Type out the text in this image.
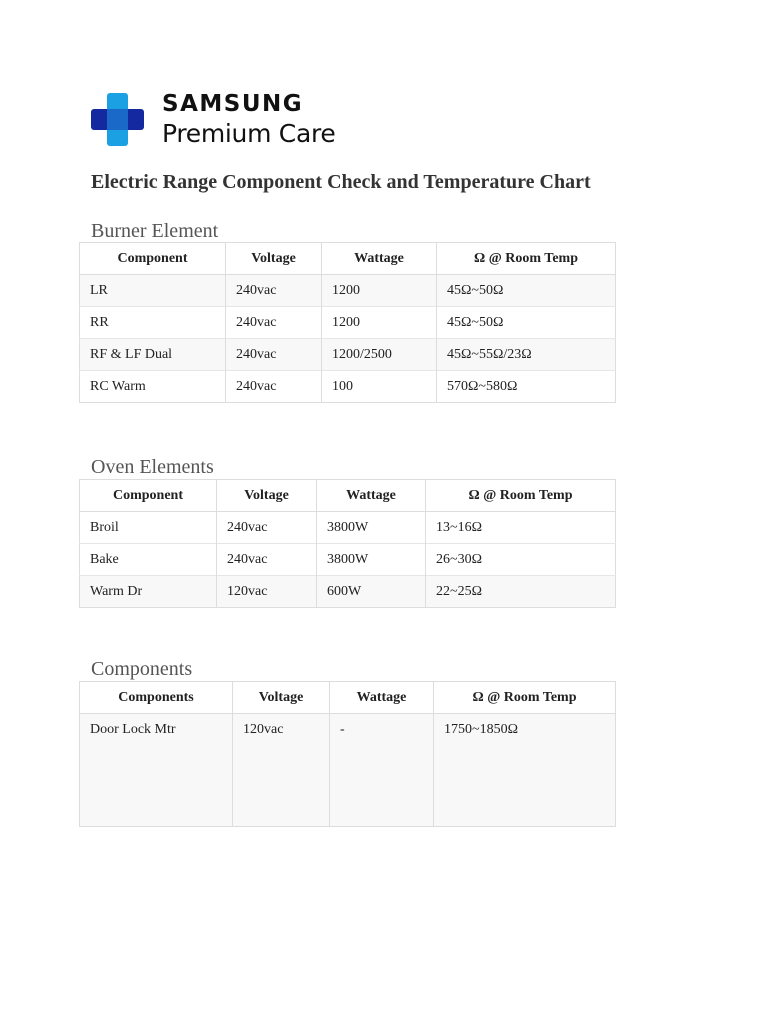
SAMSUNG
Premium Care
Electric Range Component Check and Temperature Chart
Burner Element
Component	Voltage	Wattage	Ω @ Room Temp
LR	240vac	1200	45Ω~50Ω
RR	240vac	1200	45Ω~50Ω
RF & LF Dual	240vac	1200/2500	45Ω~55Ω/23Ω
RC Warm	240vac	100	570Ω~580Ω
Oven Elements
Component	Voltage	Wattage	Ω @ Room Temp
Broil	240vac	3800W	13~16Ω
Bake	240vac	3800W	26~30Ω
Warm Dr	120vac	600W	22~25Ω
Components
Components	Voltage	Wattage	Ω @ Room Temp
Door Lock Mtr	120vac	-	1750~1850Ω
